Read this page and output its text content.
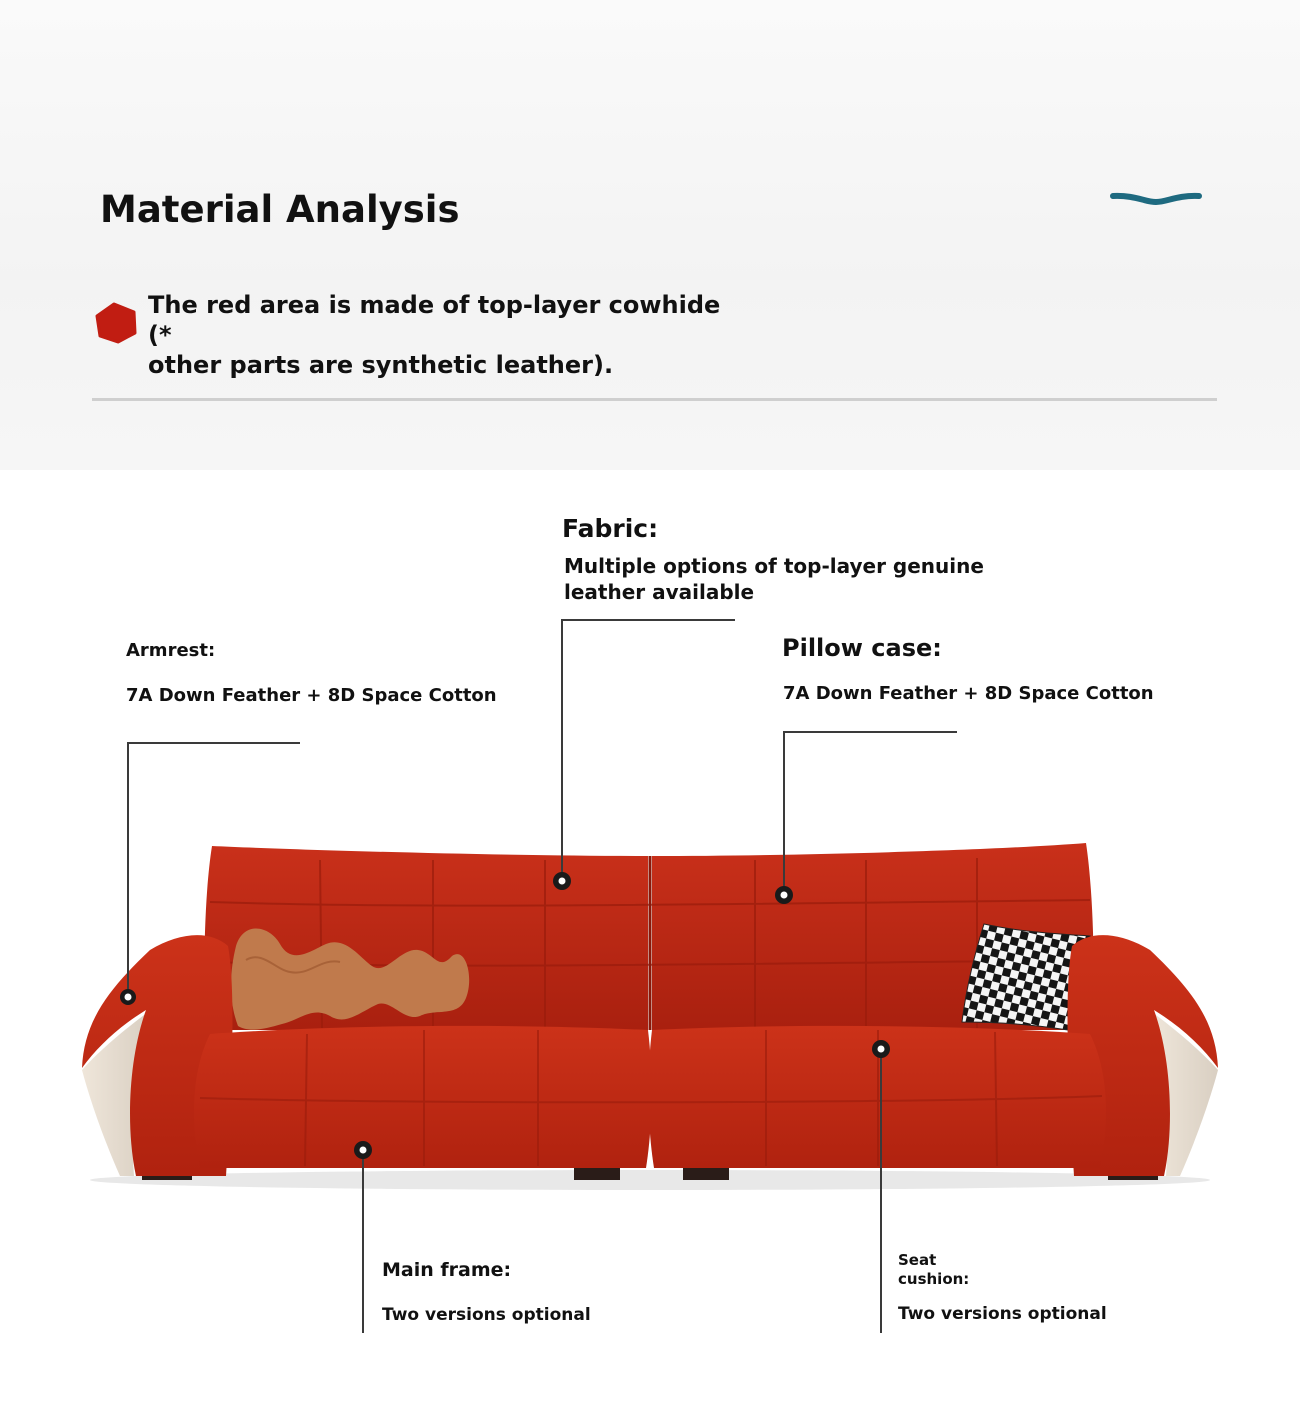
Material Analysis
The red area is made of top-layer cowhide (*
other parts are synthetic leather).
Fabric:
Multiple options of top-layer genuine
leather available
Armrest:
7A Down Feather + 8D Space Cotton
Pillow case:
7A Down Feather + 8D Space Cotton
Main frame:
Two versions optional
Seat
cushion:
Two versions optional
